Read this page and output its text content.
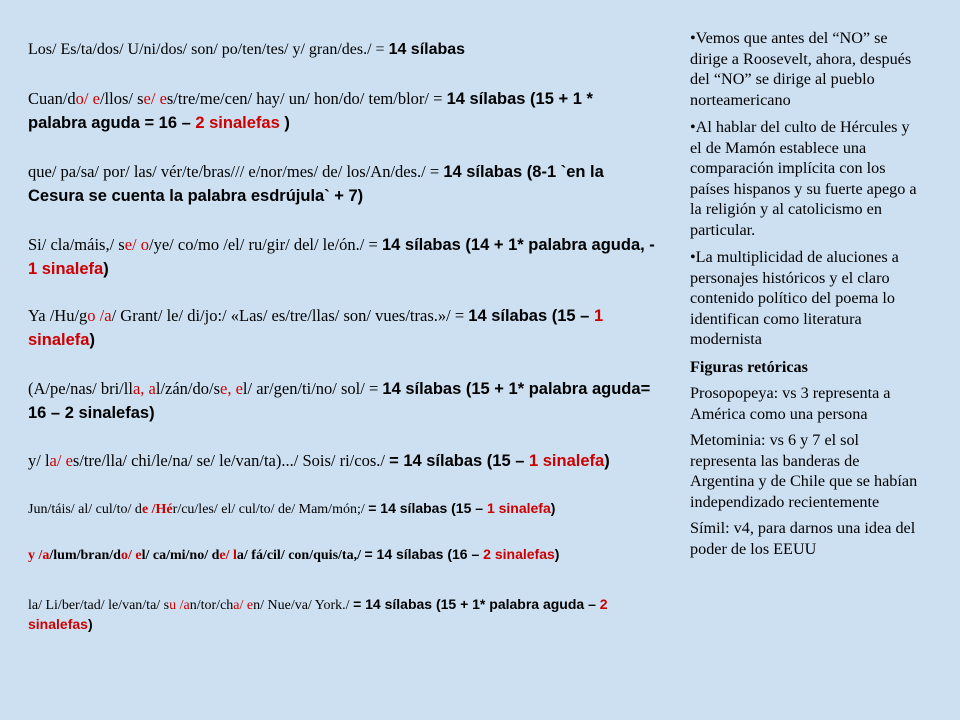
Los/ Es/ta/dos/ U/ni/dos/ son/ po/ten/tes/ y/ gran/des./ = 14 sílabas
Cuan/do/ e/llos/ se/ es/tre/me/cen/ hay/ un/ hon/do/ tem/blor/ = 14 sílabas (15 + 1 * palabra aguda = 16 – 2 sinalefas )
que/ pa/sa/ por/ las/ vér/te/bras/// e/nor/mes/ de/ los/An/des./ = 14 sílabas (8-1 `en la Cesura se cuenta la palabra esdrújula` + 7)
Si/ cla/máis,/ se/ o/ye/ co/mo /el/ ru/gir/ del/ le/ón./ = 14 sílabas (14 + 1* palabra aguda, - 1 sinalefa)
Ya /Hu/go /a/ Grant/ le/ di/jo:/ «Las/ es/tre/llas/ son/ vues/tras.»/ = 14 sílabas (15 – 1 sinalefa)
(A/pe/nas/ bri/lla, al/zán/do/se, el/ ar/gen/ti/no/ sol/ = 14 sílabas (15 + 1* palabra aguda= 16 – 2 sinalefas)
y/ la/ es/tre/lla/ chi/le/na/ se/ le/van/ta).../ Sois/ ri/cos./ = 14 sílabas (15 – 1 sinalefa)
Jun/táis/ al/ cul/to/ de /Hér/cu/les/ el/ cul/to/ de/ Mam/món;/ = 14 sílabas (15 – 1 sinalefa)
y /a/lum/bran/do/ el/ ca/mi/no/ de/ la/ fá/cil/ con/quis/ta,/ = 14 sílabas (16 – 2 sinalefas)
la/ Li/ber/tad/ le/van/ta/ su /an/tor/cha/ en/ Nue/va/ York./ = 14 sílabas (15 + 1* palabra aguda – 2 sinalefas)

•Vemos que antes del “NO” se dirige a Roosevelt, ahora, después del “NO” se dirige al pueblo norteamericano

•Al hablar del culto de Hércules y el de Mamón establece una comparación implícita con los países hispanos y su fuerte apego a la religión y al catolicismo en particular.

•La multiplicidad de aluciones a personajes históricos y el claro contenido político del poema lo identifican como literatura modernista

Figuras retóricas

Prosopopeya: vs 3 representa a América como una persona

Metominia: vs 6 y 7 el sol representa las banderas de Argentina y de Chile que se habían independizado recientemente

Símil: v4, para darnos una idea del poder de los EEUU
